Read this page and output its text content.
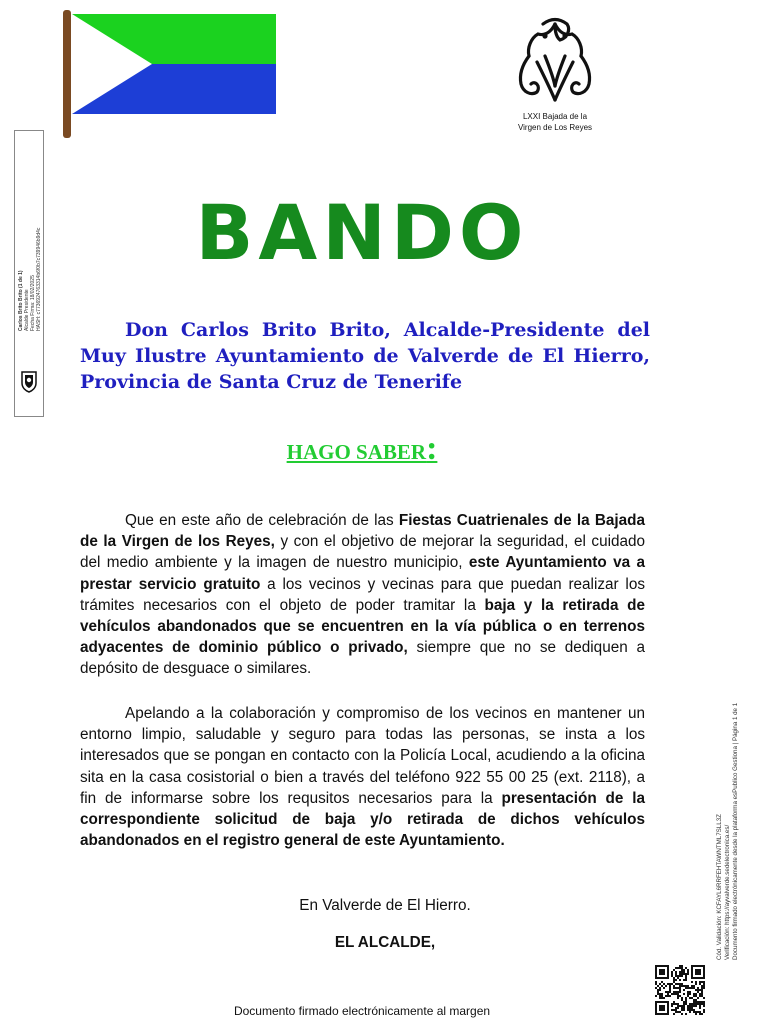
LXXI Bajada de la
Virgen de Los Reyes
Carlos Brito Brito (1 de 1) Alcalde Presidente Fecha Firma: 18/02/2025 HASH: c7736924763314b6f0b7c739946b9d4c
Cód. Validación: KCFAYL6RRFEHTAWNTML7SLL3Z Verificación: https://ayvalverde.sedelectronica.es/ Documento firmado electrónicamente desde la plataforma esPublico Gestiona | Página 1 de 1
BANDO
Don Carlos Brito Brito, Alcalde-Presidente del Muy Ilustre Ayuntamiento de Valverde de El Hierro, Provincia de Santa Cruz de Tenerife
HAGO SABER:
Que en este año de celebración de las Fiestas Cuatrienales de la Bajada de la Virgen de los Reyes, y con el objetivo de mejorar la seguridad, el cuidado del medio ambiente y la imagen de nuestro municipio, este Ayuntamiento va a prestar servicio gratuito a los vecinos y vecinas para que puedan realizar los trámites necesarios con el objeto de poder tramitar la baja y la retirada de vehículos abandonados que se encuentren en la vía pública o en terrenos adyacentes de dominio público o privado, siempre que no se dediquen a depósito de desguace o similares.
Apelando a la colaboración y compromiso de los vecinos en mantener un entorno limpio, saludable y seguro para todas las personas, se insta a los interesados que se pongan en contacto con la Policía Local, acudiendo a la oficina sita en la casa cosistorial o bien a través del teléfono 922 55 00 25 (ext. 2118), a fin de informarse sobre los requsitos necesarios para la presentación de la correspondiente solicitud de baja y/o retirada de dichos vehículos abandonados en el registro general de este Ayuntamiento.
En Valverde de El Hierro.
EL ALCALDE,
Documento firmado electrónicamente al margen
